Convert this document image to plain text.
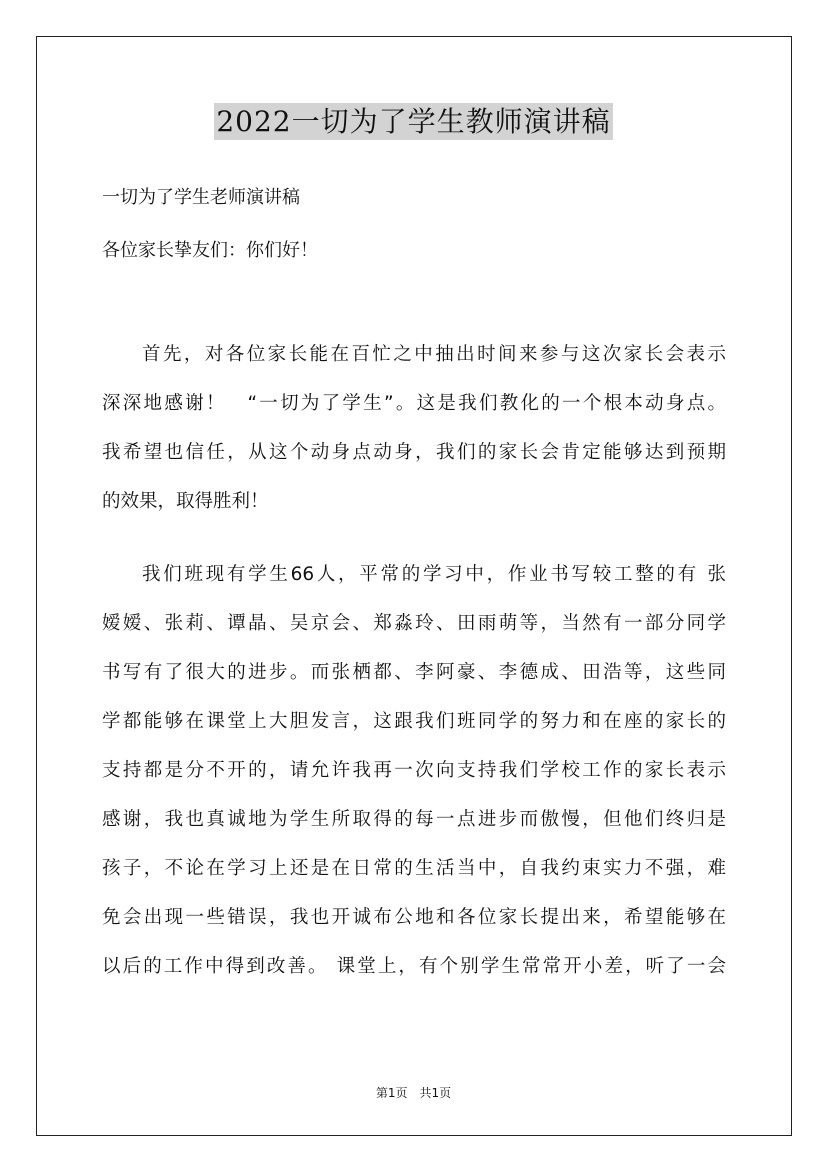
2022一切为了学生教师演讲稿

一切为了学生老师演讲稿

各位家长挚友们：你们好！

首先，对各位家长能在百忙之中抽出时间来参与这次家长会表示
深深地感谢！　“一切为了学生”。这是我们教化的一个根本动身点。
我希望也信任，从这个动身点动身，我们的家长会肯定能够达到预期
的效果，取得胜利！
我们班现有学生66人，平常的学习中，作业书写较工整的有 张
嫒嫒、张莉、谭晶、吴京会、郑淼玲、田雨萌等，当然有一部分同学
书写有了很大的进步。而张栖都、李阿豪、李德成、田浩等，这些同
学都能够在课堂上大胆发言，这跟我们班同学的努力和在座的家长的
支持都是分不开的，请允许我再一次向支持我们学校工作的家长表示
感谢，我也真诚地为学生所取得的每一点进步而傲慢，但他们终归是
孩子，不论在学习上还是在日常的生活当中，自我约束实力不强，难
免会出现一些错误，我也开诚布公地和各位家长提出来，希望能够在
以后的工作中得到改善。 课堂上，有个别学生常常开小差，听了一会
第1页　共1页
